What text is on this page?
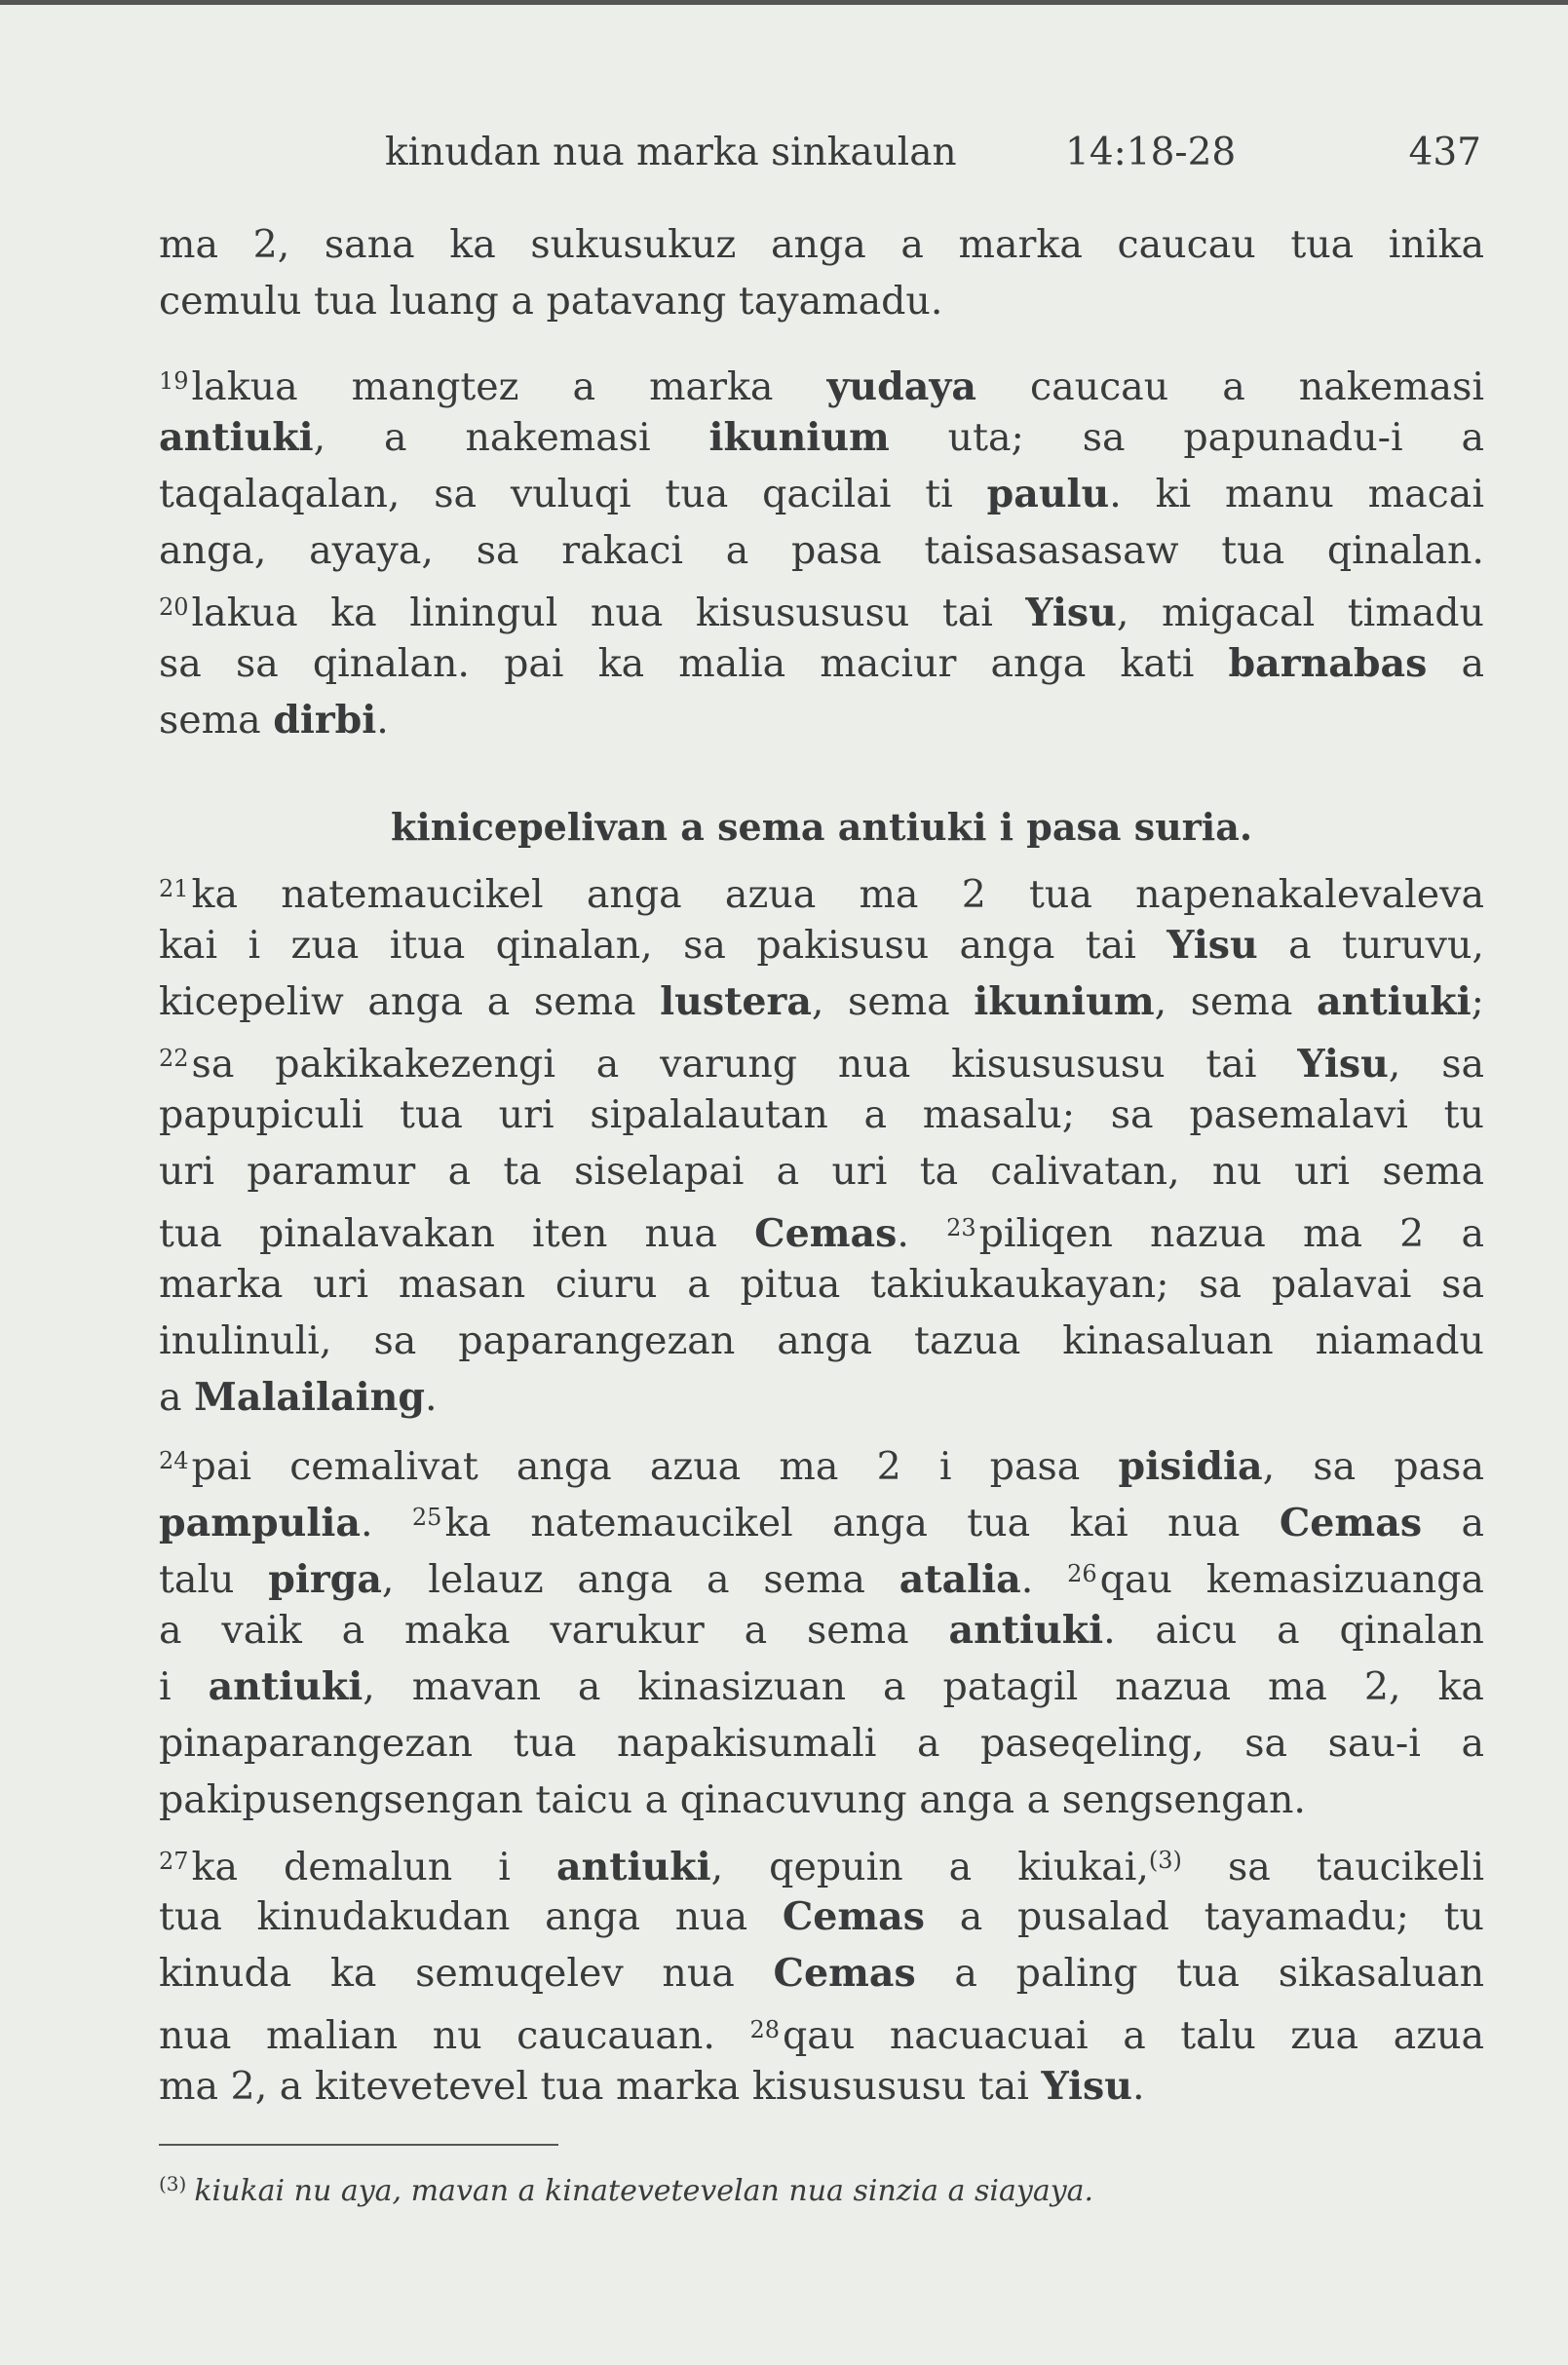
kinudan nua marka sinkaulan	14:18-28	437
ma 2, sana ka sukusukuz anga a marka caucau tua inika
cemulu tua luang a patavang tayamadu.
$^{19}$lakua mangtez a marka yudaya caucau a nakemasi
antiuki, a nakemasi ikunium uta; sa papunadu-i a
taqalaqalan, sa vuluqi tua qacilai ti paulu. ki manu macai
anga, ayaya, sa rakaci a pasa taisasasasaw tua qinalan.
$^{20}$lakua ka liningul nua kisusususu tai Yisu, migacal timadu
sa sa qinalan. pai ka malia maciur anga kati barnabas a
sema dirbi.
kinicepelivan a sema antiuki i pasa suria.
$^{21}$ka natemaucikel anga azua ma 2 tua napenakalevaleva
kai i zua itua qinalan, sa pakisusu anga tai Yisu a turuvu,
kicepeliw anga a sema lustera, sema ikunium, sema antiuki;
$^{22}$sa pakikakezengi a varung nua kisusususu tai Yisu, sa
papupiculi tua uri sipalalautan a masalu; sa pasemalavi tu
uri paramur a ta siselapai a uri ta calivatan, nu uri sema
tua pinalavakan iten nua Cemas. $^{23}$piliqen nazua ma 2 a
marka uri masan ciuru a pitua takiukaukayan; sa palavai sa
inulinuli, sa paparangezan anga tazua kinasaluan niamadu
a Malailaing.
$^{24}$pai cemalivat anga azua ma 2 i pasa pisidia, sa pasa
pampulia. $^{25}$ka natemaucikel anga tua kai nua Cemas a
talu pirga, lelauz anga a sema atalia. $^{26}$qau kemasizuanga
a vaik a maka varukur a sema antiuki. aicu a qinalan
i antiuki, mavan a kinasizuan a patagil nazua ma 2, ka
pinaparangezan tua napakisumali a paseqeling, sa sau-i a
pakipusengsengan taicu a qinacuvung anga a sengsengan.
$^{27}$ka demalun i antiuki, qepuin a kiukai,$^{(3)}$ sa taucikeli
tua kinudakudan anga nua Cemas a pusalad tayamadu; tu
kinuda ka semuqelev nua Cemas a paling tua sikasaluan
nua malian nu caucauan. $^{28}$qau nacuacuai a talu zua azua
ma 2, a kitevetevel tua marka kisusususu tai Yisu.
$^{(3)}$ kiukai nu aya, mavan a kinatevetevelan nua sinzia a siayaya.
